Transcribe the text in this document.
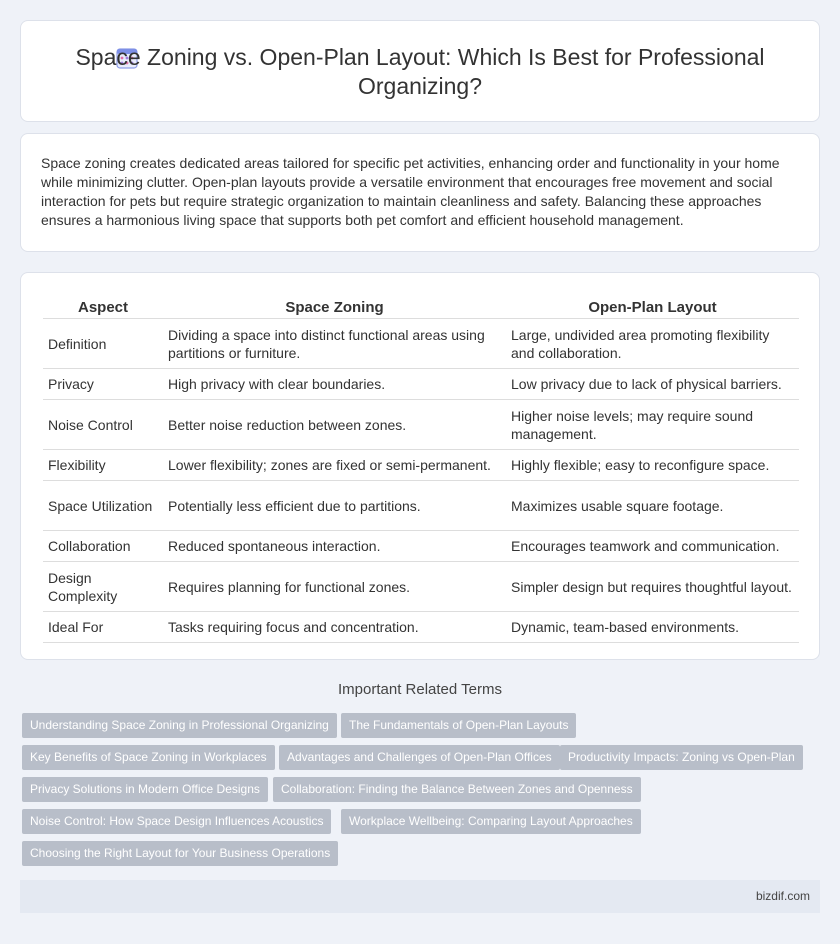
Space Zoning vs. Open-Plan Layout: Which Is Best for Professional Organizing?
Space zoning creates dedicated areas tailored for specific pet activities, enhancing order and functionality in your home while minimizing clutter. Open-plan layouts provide a versatile environment that encourages free movement and social interaction for pets but require strategic organization to maintain cleanliness and safety. Balancing these approaches ensures a harmonious living space that supports both pet comfort and efficient household management.
Aspect	Space Zoning	Open-Plan Layout
Definition	Dividing a space into distinct functional areas using partitions or furniture.	Large, undivided area promoting flexibility and collaboration.
Privacy	High privacy with clear boundaries.	Low privacy due to lack of physical barriers.
Noise Control	Better noise reduction between zones.	Higher noise levels; may require sound management.
Flexibility	Lower flexibility; zones are fixed or semi-permanent.	Highly flexible; easy to reconfigure space.
Space Utilization	Potentially less efficient due to partitions.	Maximizes usable square footage.
Collaboration	Reduced spontaneous interaction.	Encourages teamwork and communication.
Design Complexity	Requires planning for functional zones.	Simpler design but requires thoughtful layout.
Ideal For	Tasks requiring focus and concentration.	Dynamic, team-based environments.
Important Related Terms
Understanding Space Zoning in Professional Organizing	The Fundamentals of Open-Plan Layouts
Key Benefits of Space Zoning in Workplaces	Advantages and Challenges of Open-Plan Offices	Productivity Impacts: Zoning vs Open-Plan
Privacy Solutions in Modern Office Designs	Collaboration: Finding the Balance Between Zones and Openness
Noise Control: How Space Design Influences Acoustics	Workplace Wellbeing: Comparing Layout Approaches
Choosing the Right Layout for Your Business Operations
bizdif.com
